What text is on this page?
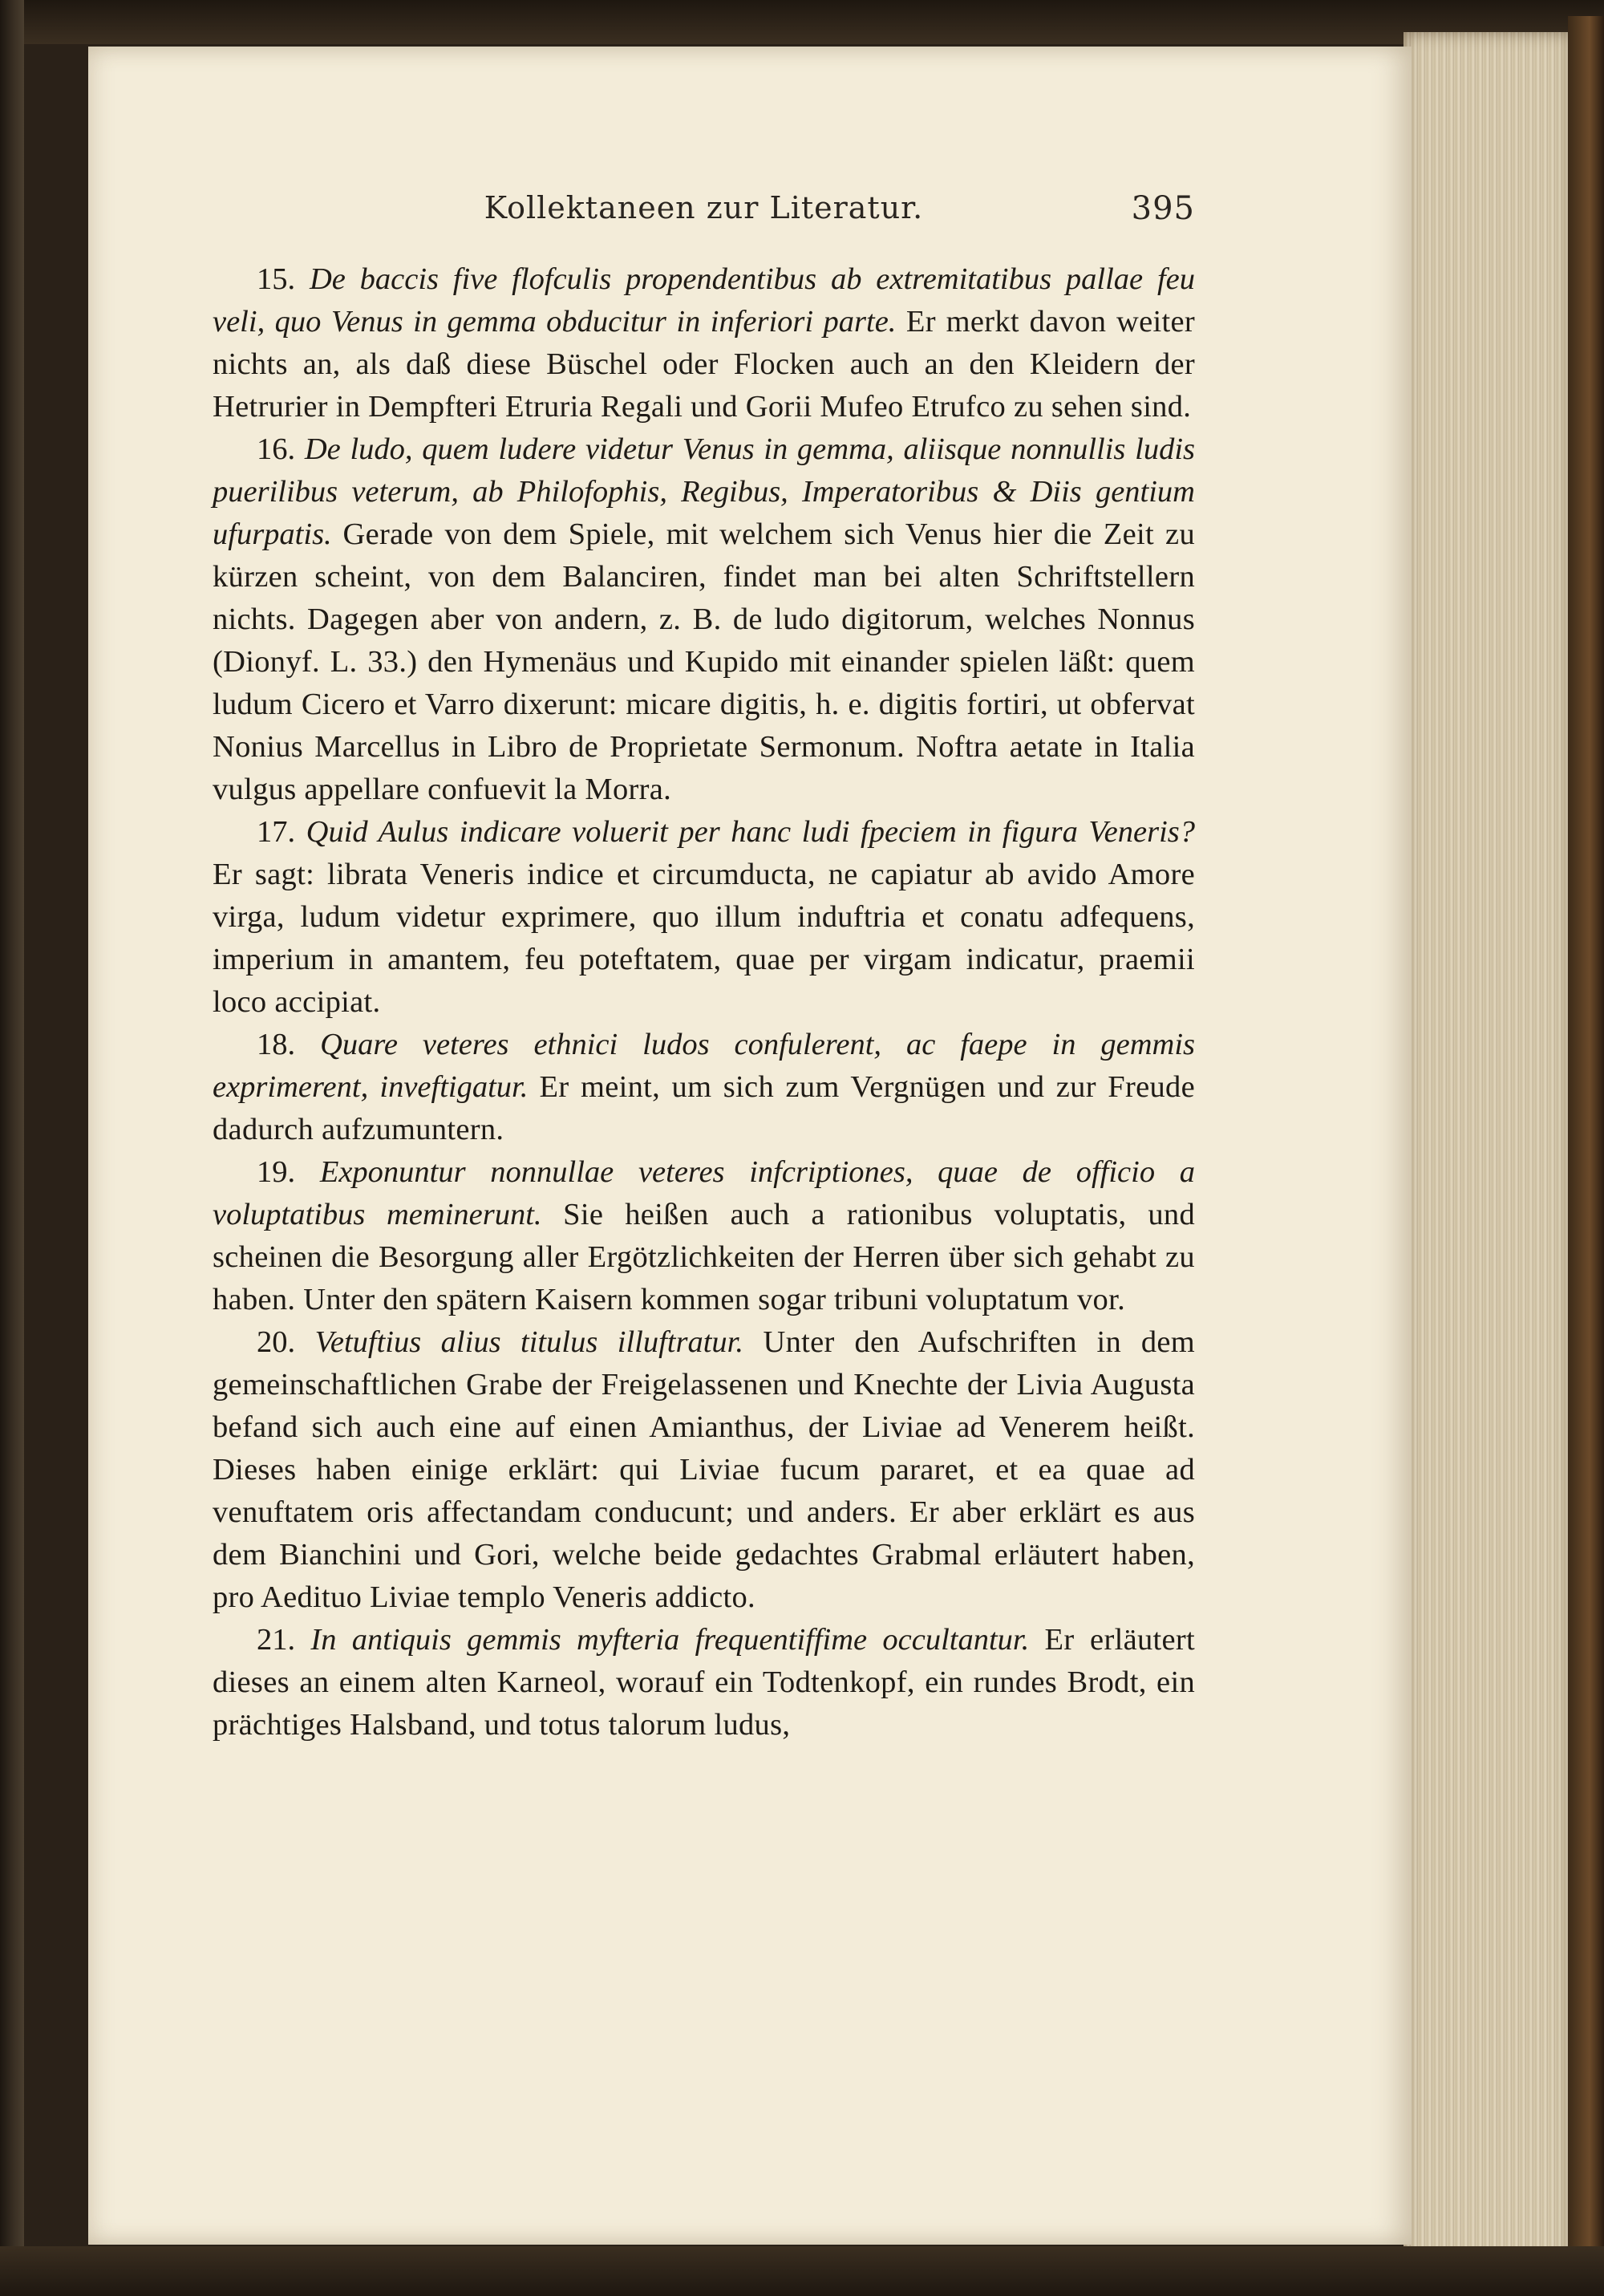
Kollektaneen zur Literatur.	395

15. De baccis five flofculis propendentibus ab extremitatibus pallae feu veli, quo Venus in gemma obducitur in inferiori parte. Er merkt davon weiter nichts an, als daß diese Büschel oder Flocken auch an den Kleidern der Hetrurier in Dempfteri Etruria Regali und Gorii Mufeo Etrufco zu sehen sind.

16. De ludo, quem ludere videtur Venus in gemma, aliisque nonnullis ludis puerilibus veterum, ab Philofophis, Regibus, Imperatoribus & Diis gentium ufurpatis. Gerade von dem Spiele, mit welchem sich Venus hier die Zeit zu kürzen scheint, von dem Balanciren, findet man bei alten Schriftstellern nichts. Dagegen aber von andern, z. B. de ludo digitorum, welches Nonnus (Dionyf. L. 33.) den Hymenäus und Kupido mit einander spielen läßt: quem ludum Cicero et Varro dixerunt: micare digitis, h. e. digitis fortiri, ut obfervat Nonius Marcellus in Libro de Proprietate Sermonum. Noftra aetate in Italia vulgus appellare confuevit la Morra.

17. Quid Aulus indicare voluerit per hanc ludi fpeciem in figura Veneris? Er sagt: librata Veneris indice et circumducta, ne capiatur ab avido Amore virga, ludum videtur exprimere, quo illum induftria et conatu adfequens, imperium in amantem, feu poteftatem, quae per virgam indicatur, praemii loco accipiat.

18. Quare veteres ethnici ludos confulerent, ac faepe in gemmis exprimerent, inveftigatur. Er meint, um sich zum Vergnügen und zur Freude dadurch aufzumuntern.

19. Exponuntur nonnullae veteres infcriptiones, quae de officio a voluptatibus meminerunt. Sie heißen auch a rationibus voluptatis, und scheinen die Besorgung aller Ergötzlichkeiten der Herren über sich gehabt zu haben. Unter den spätern Kaisern kommen sogar tribuni voluptatum vor.

20. Vetuftius alius titulus illuftratur. Unter den Aufschriften in dem gemeinschaftlichen Grabe der Freigelassenen und Knechte der Livia Augusta befand sich auch eine auf einen Amianthus, der Liviae ad Venerem heißt. Dieses haben einige erklärt: qui Liviae fucum pararet, et ea quae ad venuftatem oris affectandam conducunt; und anders. Er aber erklärt es aus dem Bianchini und Gori, welche beide gedachtes Grabmal erläutert haben, pro Aedituo Liviae templo Veneris addicto.

21. In antiquis gemmis myfteria frequentiffime occultantur. Er erläutert dieses an einem alten Karneol, worauf ein Todtenkopf, ein rundes Brodt, ein prächtiges Halsband, und totus talorum ludus,
